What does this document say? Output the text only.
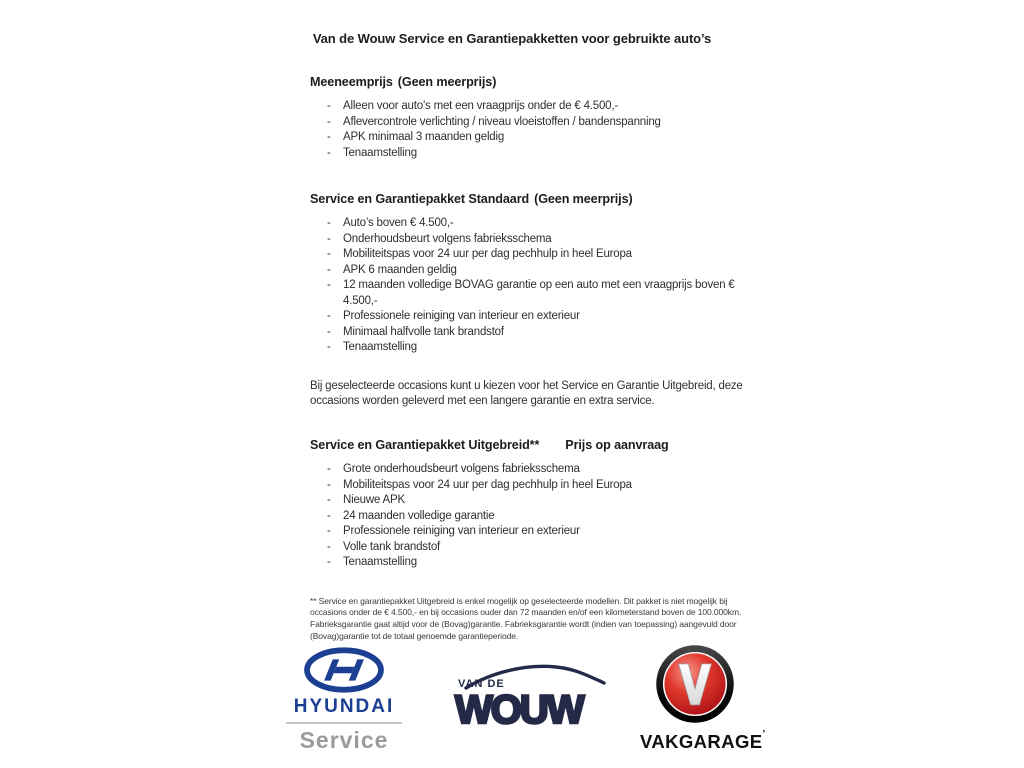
Van de Wouw Service en Garantiepakketten voor gebruikte auto’s
Meeneemprijs (Geen meerprijs)
- Alleen voor auto’s met een vraagprijs onder de € 4.500,-
- Aflevercontrole verlichting / niveau vloeistoffen / bandenspanning
- APK minimaal 3 maanden geldig
- Tenaamstelling
Service en Garantiepakket Standaard (Geen meerprijs)
- Auto’s boven € 4.500,-
- Onderhoudsbeurt volgens fabrieksschema
- Mobiliteitspas voor 24 uur per dag pechhulp in heel Europa
- APK 6 maanden geldig
- 12 maanden volledige BOVAG garantie op een auto met een vraagprijs boven € 4.500,-
- Professionele reiniging van interieur en exterieur
- Minimaal halfvolle tank brandstof
- Tenaamstelling

Bij geselecteerde occasions kunt u kiezen voor het Service en Garantie Uitgebreid, deze occasions worden geleverd met een langere garantie en extra service.

Service en Garantiepakket Uitgebreid** Prijs op aanvraag
- Grote onderhoudsbeurt volgens fabrieksschema
- Mobiliteitspas voor 24 uur per dag pechhulp in heel Europa
- Nieuwe APK
- 24 maanden volledige garantie
- Professionele reiniging van interieur en exterieur
- Volle tank brandstof
- Tenaamstelling

** Service en garantiepakket Uitgebreid is enkel mogelijk op geselecteerde modellen. Dit pakket is niet mogelijk bij occasions onder de € 4.500,- en bij occasions ouder dan 72 maanden en/of een kilometerstand boven de 100.000km. Fabrieksgarantie gaat altijd voor de (Bovag)garantie. Fabrieksgarantie wordt (indien van toepassing) aangevuld door (Bovag)garantie tot de totaal genoemde garantieperiode.

HYUNDAI
Service
VAN DE
WOUW
VAKGARAGE’
